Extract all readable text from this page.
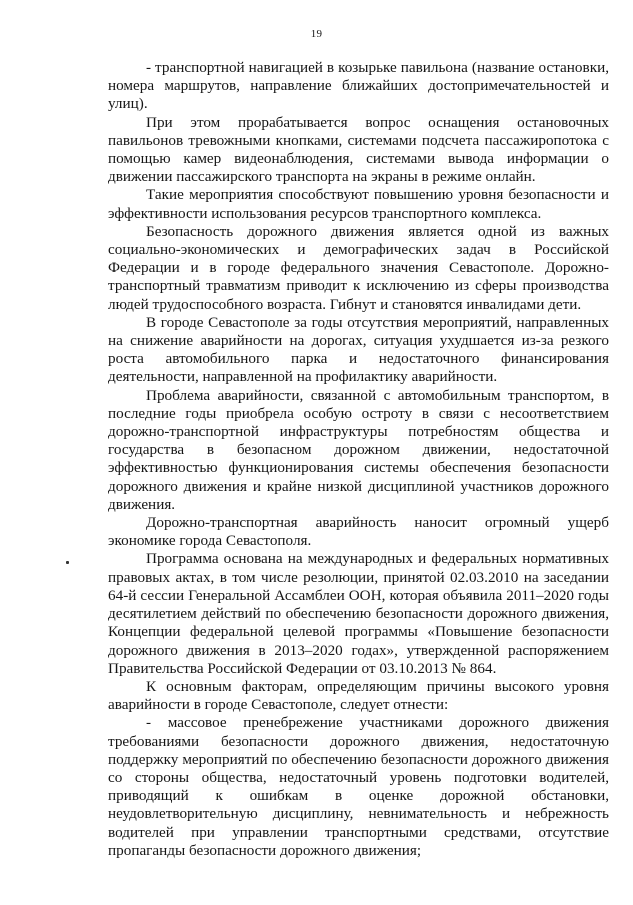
19

- транспортной навигацией в козырьке павильона (название остановки, номера маршрутов, направление ближайших достопримечательностей и улиц).

При этом прорабатывается вопрос оснащения остановочных павильонов тревожными кнопками, системами подсчета пассажиропотока с помощью камер видеонаблюдения, системами вывода информации о движении пассажирского транспорта на экраны в режиме онлайн.

Такие мероприятия способствуют повышению уровня безопасности и эффективности использования ресурсов транспортного комплекса.

Безопасность дорожного движения является одной из важных социально-экономических и демографических задач в Российской Федерации и в городе федерального значения Севастополе. Дорожно-транспортный травматизм приводит к исключению из сферы производства людей трудоспособного возраста. Гибнут и становятся инвалидами дети.

В городе Севастополе за годы отсутствия мероприятий, направленных на снижение аварийности на дорогах, ситуация ухудшается из-за резкого роста автомобильного парка и недостаточного финансирования деятельности, направленной на профилактику аварийности.

Проблема аварийности, связанной с автомобильным транспортом, в последние годы приобрела особую остроту в связи с несоответствием дорожно-транспортной инфраструктуры потребностям общества и государства в безопасном дорожном движении, недостаточной эффективностью функционирования системы обеспечения безопасности дорожного движения и крайне низкой дисциплиной участников дорожного движения.

Дорожно-транспортная аварийность наносит огромный ущерб экономике города Севастополя.

Программа основана на международных и федеральных нормативных правовых актах, в том числе резолюции, принятой 02.03.2010 на заседании 64-й сессии Генеральной Ассамблеи ООН, которая объявила 2011–2020 годы десятилетием действий по обеспечению безопасности дорожного движения, Концепции федеральной целевой программы «Повышение безопасности дорожного движения в 2013–2020 годах», утвержденной распоряжением Правительства Российской Федерации от 03.10.2013 № 864.

К основным факторам, определяющим причины высокого уровня аварийности в городе Севастополе, следует отнести:

- массовое пренебрежение участниками дорожного движения требованиями безопасности дорожного движения, недостаточную поддержку мероприятий по обеспечению безопасности дорожного движения со стороны общества, недостаточный уровень подготовки водителей, приводящий к ошибкам в оценке дорожной обстановки, неудовлетворительную дисциплину, невнимательность и небрежность водителей при управлении транспортными средствами, отсутствие пропаганды безопасности дорожного движения;
